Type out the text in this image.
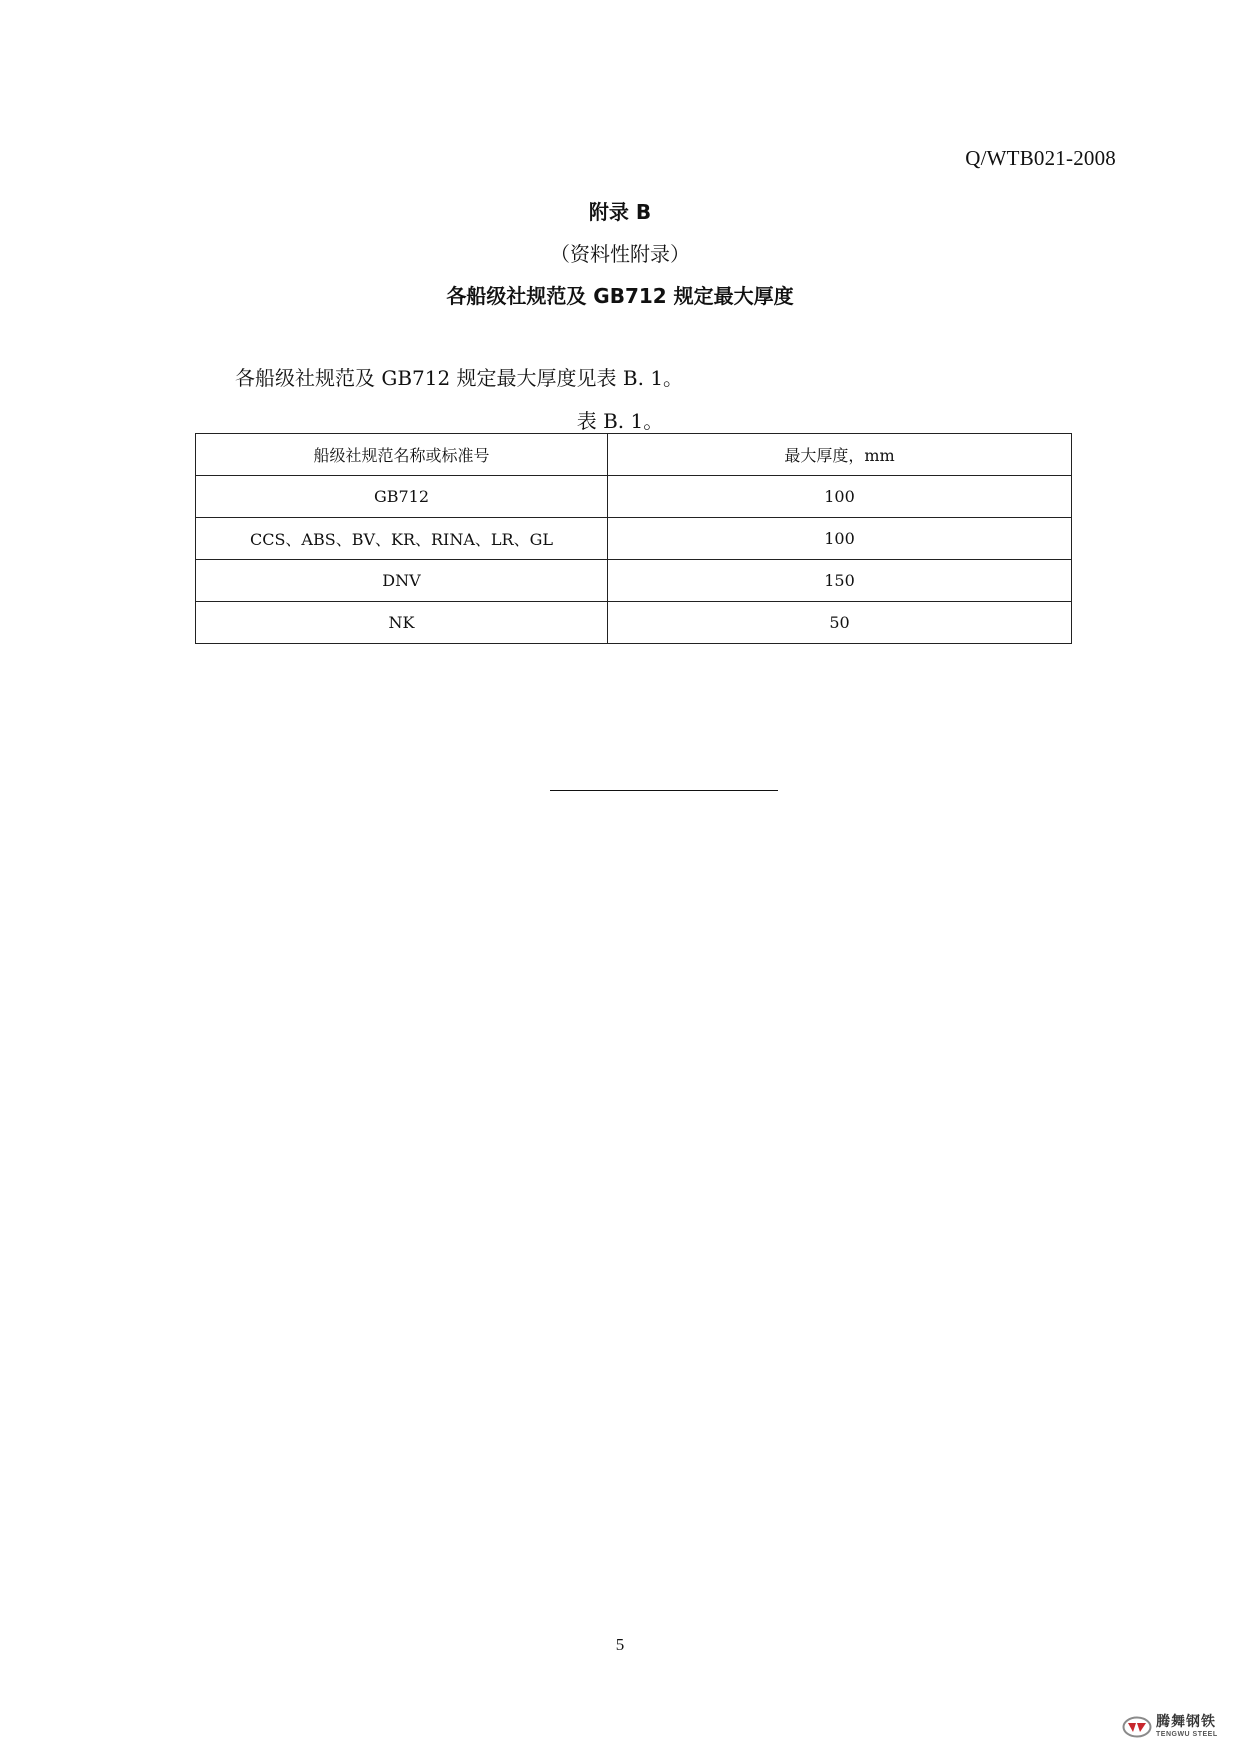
Q/WTB021-2008
附录 B
（资料性附录）
各船级社规范及 GB712 规定最大厚度
各船级社规范及 GB712 规定最大厚度见表 B. 1。
表 B. 1。
船级社规范名称或标准号	最大厚度，mm
GB712	100
CCS、ABS、BV、KR、RINA、LR、GL	100
DNV	150
NK	50
5
腾舞钢铁
TENGWU STEEL
